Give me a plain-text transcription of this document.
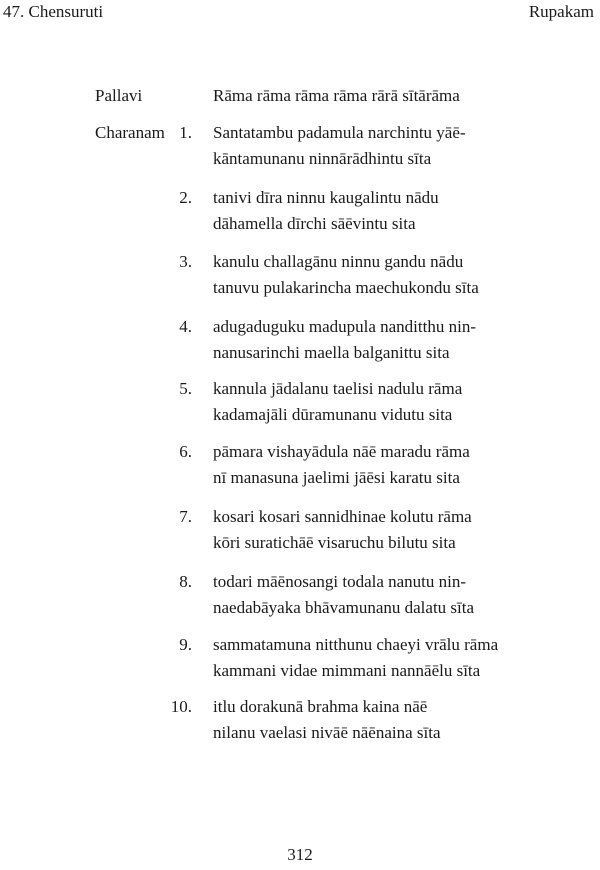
47. Chensuruti	Rupakam
Pallavi	Rāma rāma rāma rāma rārā sītārāma
Charanam 1. Santatambu padamula narchintu yāē-
kāntamunanu ninnārādhintu sīta
2. tanivi dīra ninnu kaugalintu nādu
dāhamella dīrchi sāēvintu sita
3. kanulu challagānu ninnu gandu nādu
tanuvu pulakarincha maechukondu sīta
4. adugaduguku madupula nanditthu nin-
nanusarinchi maella balganittu sita
5. kannula jādalanu taelisi nadulu rāma
kadamajāli dūramunanu vidutu sita
6. pāmara vishayādula nāē maradu rāma
nī manasuna jaelimi jāēsi karatu sita
7. kosari kosari sannidhinae kolutu rāma
kōri suratichāē visaruchu bilutu sita
8. todari māēnosangi todala nanutu nin-
naedabāyaka bhāvamunanu dalatu sīta
9. sammatamuna nitthunu chaeyi vrālu rāma
kammani vidae mimmani nannāēlu sīta
10. itlu dorakunā brahma kaina nāē
nilanu vaelasi nivāē nāēnaina sīta
312
